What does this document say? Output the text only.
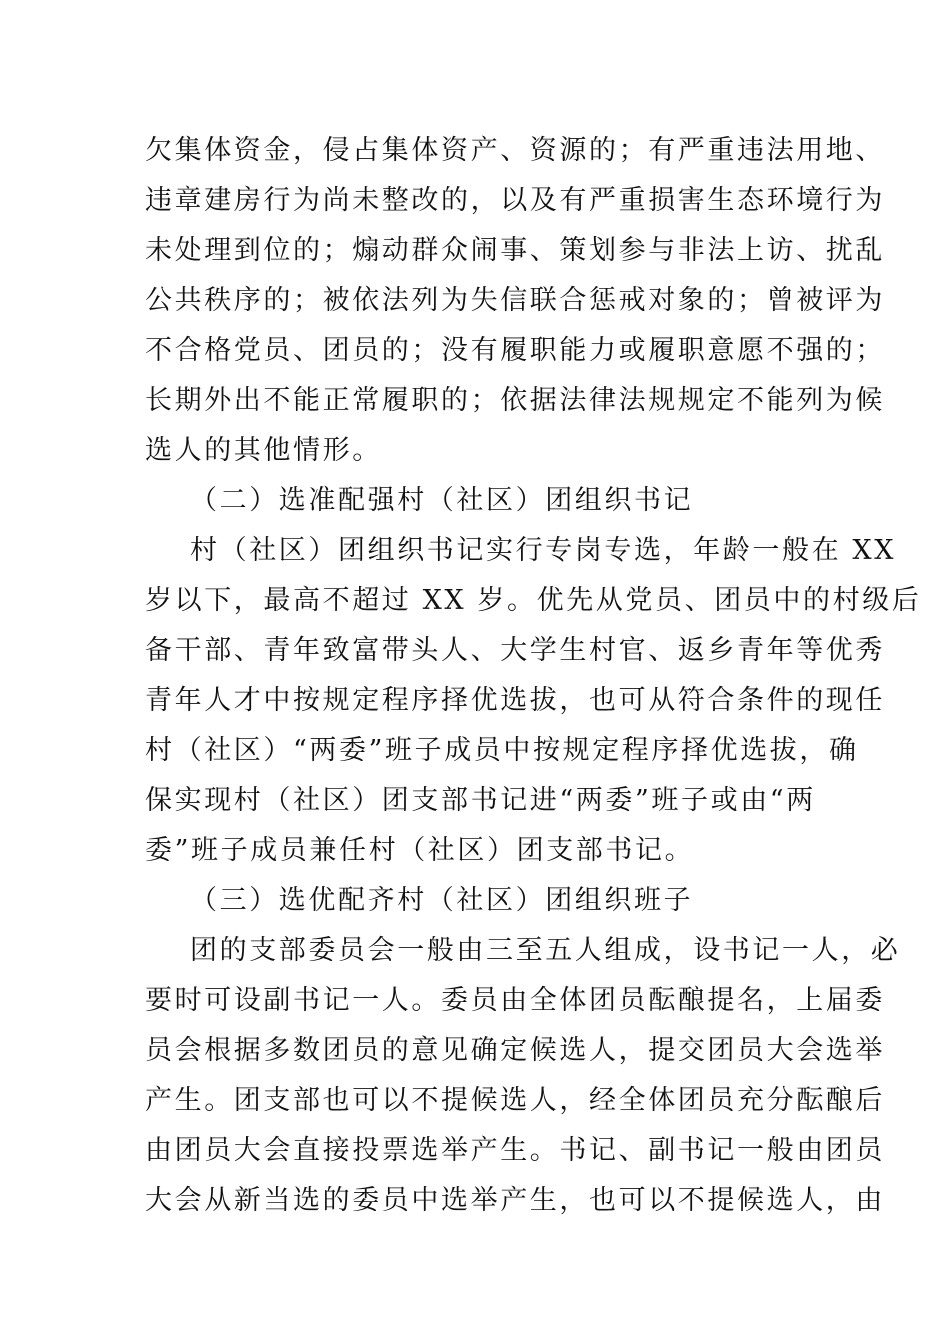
欠集体资金，侵占集体资产、资源的；有严重违法用地、
违章建房行为尚未整改的，以及有严重损害生态环境行为
未处理到位的；煽动群众闹事、策划参与非法上访、扰乱
公共秩序的；被依法列为失信联合惩戒对象的；曾被评为
不合格党员、团员的；没有履职能力或履职意愿不强的；
长期外出不能正常履职的；依据法律法规规定不能列为候
选人的其他情形。
（二）选准配强村（社区）团组织书记
村（社区）团组织书记实行专岗专选，年龄一般在 XX
岁以下，最高不超过 XX 岁。优先从党员、团员中的村级后
备干部、青年致富带头人、大学生村官、返乡青年等优秀
青年人才中按规定程序择优选拔，也可从符合条件的现任
村（社区）“两委”班子成员中按规定程序择优选拔，确
保实现村（社区）团支部书记进“两委”班子或由“两
委”班子成员兼任村（社区）团支部书记。
（三）选优配齐村（社区）团组织班子
团的支部委员会一般由三至五人组成，设书记一人，必
要时可设副书记一人。委员由全体团员酝酿提名，上届委
员会根据多数团员的意见确定候选人，提交团员大会选举
产生。团支部也可以不提候选人，经全体团员充分酝酿后
由团员大会直接投票选举产生。书记、副书记一般由团员
大会从新当选的委员中选举产生，也可以不提候选人，由
